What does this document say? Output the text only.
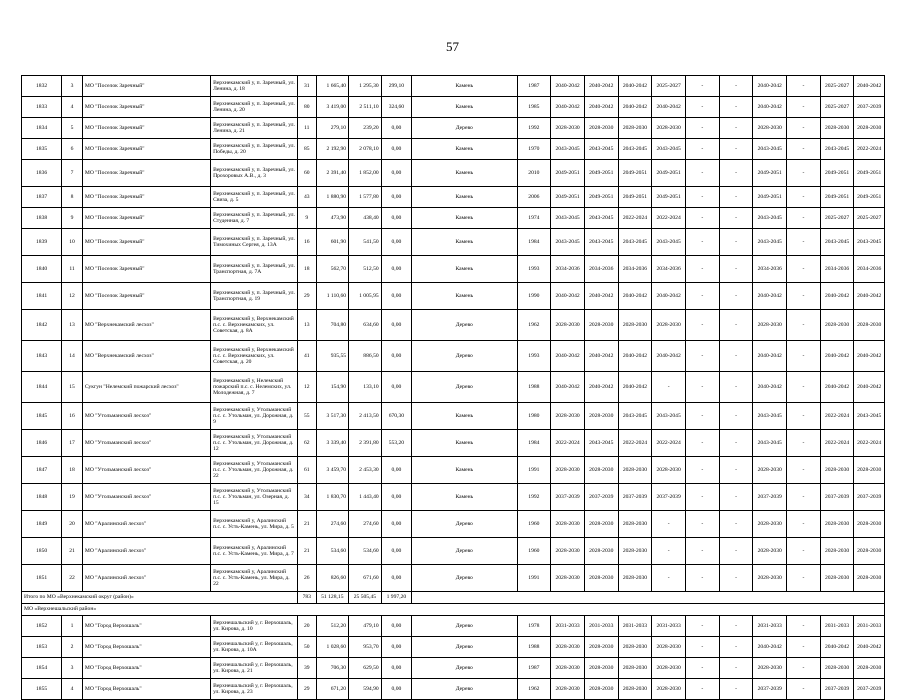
57
1832	3	МО "Поселок Заречный"	Верхнекамский у, п. Заречный, ул. Ленина, д. 18	31	1 665,40	1 295,30	299,10	Камень	1987	2040-2042	2040-2042	2040-2042	2025-2027	-	-	2040-2042	-	2025-2027	2040-2042
1833	4	МО "Поселок Заречный"	Верхнекамский у, п. Заречный, ул. Ленина, д. 20	80	3 419,00	2 511,10	324,60	Камень	1985	2040-2042	2040-2042	2040-2042	2040-2042	-	-	2040-2042	-	2025-2027	2037-2039
1834	5	МО "Поселок Заречный"	Верхнекамский у, п. Заречный, ул. Ленина, д. 21	11	279,10	239,20	0,00	Дерево	1992	2028-2030	2028-2030	2028-2030	2028-2030	-	-	2028-2030	-	2028-2030	2028-2030
1835	6	МО "Поселок Заречный"	Верхнекамский у, п. Заречный, ул. Победы, д. 20	85	2 192,90	2 078,10	0,00	Камень	1970	2043-2045	2043-2045	2043-2045	2043-2045	-	-	2043-2045	-	2043-2045	2022-2024
1836	7	МО "Поселок Заречный"	Верхнекамский у, п. Заречный, ул. Прохоровых А.В., д. 3	60	2 391,40	1 852,00	0,00	Камень	2010	2049-2051	2049-2051	2049-2051	2049-2051	-	-	2049-2051	-	2049-2051	2049-2051
1837	8	МО "Поселок Заречный"	Верхнекамский у, п. Заречный, ул. Свиза, д. 5	43	1 880,90	1 577,80	0,00	Камень	2006	2049-2051	2049-2051	2049-2051	2049-2051	-	-	2049-2051	-	2049-2051	2049-2051
1838	9	МО "Поселок Заречный"	Верхнекамский у, п. Заречный, ул. Студенная, д. 7	9	473,90	438,40	0,00	Камень	1974	2043-2045	2043-2045	2022-2024	2022-2024	-	-	2043-2045	-	2025-2027	2025-2027
1839	10	МО "Поселок Заречный"	Верхнекамский у, п. Заречный, ул. Тимохиных Сергея, д. 13А	16	601,90	541,50	0,00	Камень	1984	2043-2045	2043-2045	2043-2045	2043-2045	-	-	2043-2045	-	2043-2045	2043-2045
1840	11	МО "Поселок Заречный"	Верхнекамский у, п. Заречный, ул. Транспортная, д. 7А	18	562,70	512,50	0,00	Камень	1993	2034-2036	2034-2036	2034-2036	2034-2036	-	-	2034-2036	-	2034-2036	2034-2036
1841	12	МО "Поселок Заречный"	Верхнекамский у, п. Заречный, ул. Транспортная, д. 19	29	1 110,60	1 005,95	0,00	Камень	1990	2040-2042	2040-2042	2040-2042	2040-2042	-	-	2040-2042	-	2040-2042	2040-2042
1842	13	МО "Верхнекамский лесхоз"	Верхнекамский у, Верхнекамский п.с. с. Верхнекамских, ул. Советская, д. 8А	13	704,80	634,60	0,00	Дерево	1962	2028-2030	2028-2030	2028-2030	2028-2030	-	-	2028-2030	-	2028-2030	2028-2030
1843	14	МО "Верхнекамский лесхоз"	Верхнекамский у, Верхнекамский п.с. с. Верхнекамских, ул. Советская, д. 20	41	935,55	886,50	0,00	Дерево	1993	2040-2042	2040-2042	2040-2042	2040-2042	-	-	2040-2042	-	2040-2042	2040-2042
1844	15	Сукгун "Нелемский пожарский лесхоз"	Верхнекамский у, Нелемский пожарский п.с. с. Нелемских, ул. Молодежная, д. 7	12	154,90	133,10	0,00	Дерево	1988	2040-2042	2040-2042	2040-2042	-	-	-	2040-2042	-	2040-2042	2040-2042
1845	16	МО "Утольманский лесхоз"	Верхнекамский у, Утольманский п.с. с. Утольман, ул. Дорожная, д. 9	55	3 517,30	2 413,50	670,30	Камень	1980	2028-2030	2028-2030	2043-2045	2043-2045	-	-	2043-2045	-	2022-2024	2043-2045
1846	17	МО "Утольманский лесхоз"	Верхнекамский у, Утольманский п.с. с. Утольман, ул. Дорожная, д. 12	62	3 339,40	2 391,80	553,20	Камень	1984	2022-2024	2043-2045	2022-2024	2022-2024	-	-	2043-2045	-	2022-2024	2022-2024
1847	18	МО "Утольманский лесхоз"	Верхнекамский у, Утольманский п.с. с. Утольман, ул. Дорожная, д. 22	61	3 459,70	2 453,30	0,00	Камень	1991	2028-2030	2028-2030	2028-2030	2028-2030	-	-	2028-2030	-	2028-2030	2028-2030
1848	19	МО "Утольманский лесхоз"	Верхнекамский у, Утольманский п.с. с. Утольман, ул. Озерная, д. 15	34	1 830,70	1 443,40	0,00	Камень	1992	2037-2039	2037-2039	2037-2039	2037-2039	-	-	2037-2039	-	2037-2039	2037-2039
1849	20	МО "Аралинский лесхоз"	Верхнекамский у, Аралинский п.с. с. Усть-Камень, ул. Мира, д. 5	21	274,60	274,60	0,00	Дерево	1960	2028-2030	2028-2030	2028-2030	-	-	-	2028-2030	-	2028-2030	2028-2030
1850	21	МО "Аралинский лесхоз"	Верхнекамский у, Аралинский п.с. с. Усть-Камень, ул. Мира, д. 7	21	534,60	534,60	0,00	Дерево	1960	2028-2030	2028-2030	2028-2030	-	-	-	2028-2030	-	2028-2030	2028-2030
1851	22	МО "Аралинский лесхоз"	Верхнекамский у, Аралинский п.с. с. Усть-Камень, ул. Мира, д. 22	26	826,60	671,60	0,00	Дерево	1991	2028-2030	2028-2030	2028-2030	-	-	-	2028-2030	-	2028-2030	2028-2030
Итого по МО «Верхнекамский округ (район)»				783	51 128,15	25 505,45	1 997,20												
МО «Верхнешальский район»																			
1852	1	МО "Город Верхошаль"	Верхнешальский у, г. Верхошаль, ул. Кирова, д. 10	20	512,20	479,10	0,00	Дерево	1978	2031-2033	2031-2033	2031-2033	2031-2033	-	-	2031-2033	-	2031-2033	2031-2033
1853	2	МО "Город Верхошаль"	Верхнешальский у, г. Верхошаль, ул. Кирова, д. 10А	50	1 028,60	953,70	0,00	Дерево	1988	2028-2030	2028-2030	2028-2030	2028-2030	-	-	2040-2042	-	2040-2042	2040-2042
1854	3	МО "Город Верхошаль"	Верхнешальский у, г. Верхошаль, ул. Кирова, д. 21	39	706,30	629,50	0,00	Дерево	1987	2028-2030	2028-2030	2028-2030	2028-2030	-	-	2028-2030	-	2028-2030	2028-2030
1855	4	МО "Город Верхошаль"	Верхнешальский у, г. Верхошаль, ул. Кирова, д. 23	29	671,20	594,90	0,00	Дерево	1962	2028-2030	2028-2030	2028-2030	2028-2030	-	-	2037-2039	-	2037-2039	2037-2039
